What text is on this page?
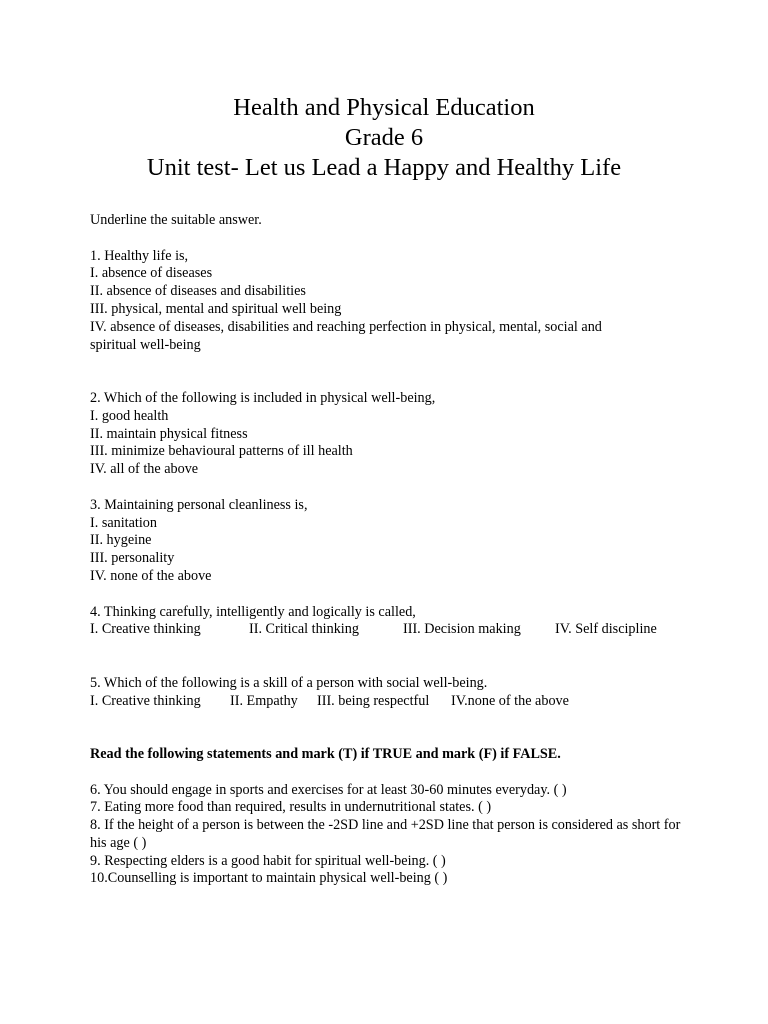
Health and Physical Education
Grade 6
Unit test- Let us Lead a Happy and Healthy Life
Underline the suitable answer.
1. Healthy life is,
I. absence of diseases
II. absence of diseases and disabilities
III. physical, mental and spiritual well being
IV. absence of diseases, disabilities and reaching perfection in physical, mental, social and spiritual well-being
2. Which of the following is included in physical well-being,
I. good health
II. maintain physical fitness
III. minimize behavioural patterns of ill health
IV. all of the above
3. Maintaining personal cleanliness is,
I. sanitation
II. hygeine
III. personality
IV. none of the above
4. Thinking carefully, intelligently and logically is called,
I. Creative thinking	II. Critical thinking	III. Decision making IV. Self discipline
5. Which of the following is a skill of a person with social well-being.
I. Creative thinking II. Empathy III. being respectful IV.none of the above
Read the following statements and mark (T) if TRUE and mark (F) if FALSE.
6. You should engage in sports and exercises for at least 30-60 minutes everyday. ( )
7. Eating more food than required, results in undernutritional states. ( )
8. If the height of a person is between the -2SD line and +2SD line that person is considered as short for his age ( )
9. Respecting elders is a good habit for spiritual well-being. ( )
10.Counselling is important to maintain physical well-being ( )
